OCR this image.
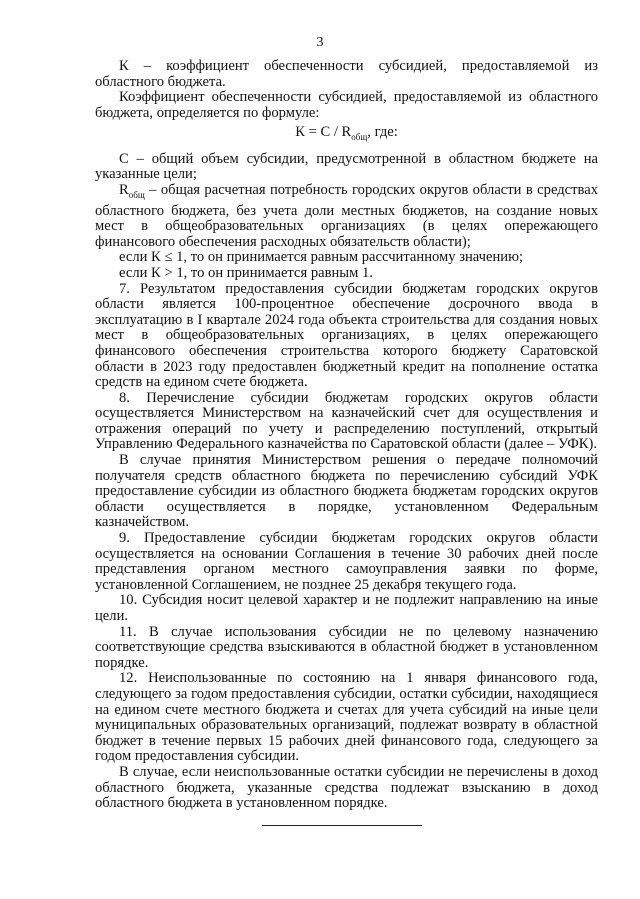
3

К – коэффициент обеспеченности субсидией, предоставляемой из областного бюджета.

Коэффициент обеспеченности субсидией, предоставляемой из областного бюджета, определяется по формуле:

$К = С / R_{общ}$, где:

С – общий объем субсидии, предусмотренной в областном бюджете на указанные цели;

$R_{общ}$ – общая расчетная потребность городских округов области в средствах областного бюджета, без учета доли местных бюджетов, на создание новых мест в общеобразовательных организациях (в целях опережающего финансового обеспечения расходных обязательств области);

если К ≤ 1, то он принимается равным рассчитанному значению;

если К > 1, то он принимается равным 1.

7. Результатом предоставления субсидии бюджетам городских округов области является 100-процентное обеспечение досрочного ввода в эксплуатацию в I квартале 2024 года объекта строительства для создания новых мест в общеобразовательных организациях, в целях опережающего финансового обеспечения строительства которого бюджету Саратовской области в 2023 году предоставлен бюджетный кредит на пополнение остатка средств на едином счете бюджета.

8. Перечисление субсидии бюджетам городских округов области осуществляется Министерством на казначейский счет для осуществления и отражения операций по учету и распределению поступлений, открытый Управлению Федерального казначейства по Саратовской области (далее – УФК).

В случае принятия Министерством решения о передаче полномочий получателя средств областного бюджета по перечислению субсидий УФК предоставление субсидии из областного бюджета бюджетам городских округов области осуществляется в порядке, установленном Федеральным казначейством.

9. Предоставление субсидии бюджетам городских округов области осуществляется на основании Соглашения в течение 30 рабочих дней после представления органом местного самоуправления заявки по форме, установленной Соглашением, не позднее 25 декабря текущего года.

10. Субсидия носит целевой характер и не подлежит направлению на иные цели.

11. В случае использования субсидии не по целевому назначению соответствующие средства взыскиваются в областной бюджет в установленном порядке.

12. Неиспользованные по состоянию на 1 января финансового года, следующего за годом предоставления субсидии, остатки субсидии, находящиеся на едином счете местного бюджета и счетах для учета субсидий на иные цели муниципальных образовательных организаций, подлежат возврату в областной бюджет в течение первых 15 рабочих дней финансового года, следующего за годом предоставления субсидии.

В случае, если неиспользованные остатки субсидии не перечислены в доход областного бюджета, указанные средства подлежат взысканию в доход областного бюджета в установленном порядке.
